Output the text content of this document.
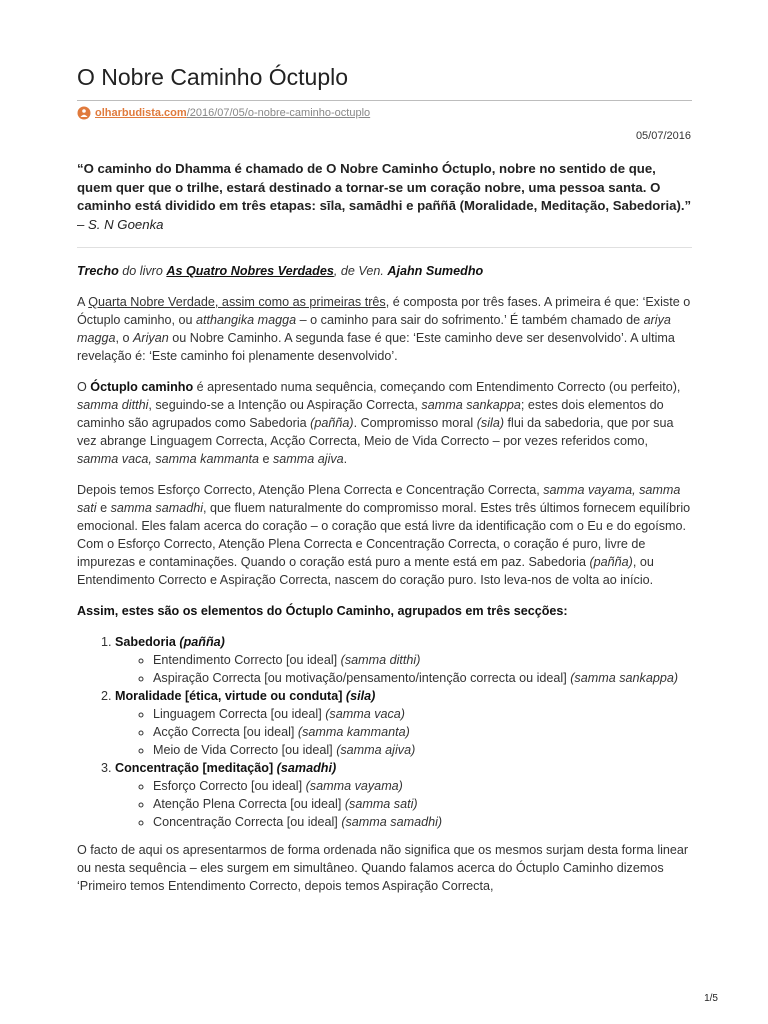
O Nobre Caminho Óctuplo
olharbudista.com /2016/07/05/o-nobre-caminho-octuplo
05/07/2016

“O caminho do Dhamma é chamado de O Nobre Caminho Óctuplo, nobre no sentido de que, quem quer que o trilhe, estará destinado a tornar-se um coração nobre, uma pessoa santa. O caminho está dividido em três etapas: sīla, samādhi e paññā (Moralidade, Meditação, Sabedoria).” – S. N Goenka

Trecho do livro As Quatro Nobres Verdades, de Ven. Ajahn Sumedho

A Quarta Nobre Verdade, assim como as primeiras três, é composta por três fases. A primeira é que: ‘Existe o Óctuplo caminho, ou atthangika magga – o caminho para sair do sofrimento.’ É também chamado de ariya magga, o Ariyan ou Nobre Caminho. A segunda fase é que: ‘Este caminho deve ser desenvolvido’. A ultima revelação é: ‘Este caminho foi plenamente desenvolvido’.

O Óctuplo caminho é apresentado numa sequência, começando com Entendimento Correcto (ou perfeito), samma ditthi, seguindo-se a Intenção ou Aspiração Correcta, samma sankappa; estes dois elementos do caminho são agrupados como Sabedoria (pañña). Compromisso moral (sila) flui da sabedoria, que por sua vez abrange Linguagem Correcta, Acção Correcta, Meio de Vida Correcto – por vezes referidos como, samma vaca, samma kammanta e samma ajiva.

Depois temos Esforço Correcto, Atenção Plena Correcta e Concentração Correcta, samma vayama, samma sati e samma samadhi, que fluem naturalmente do compromisso moral. Estes três últimos fornecem equilíbrio emocional. Eles falam acerca do coração – o coração que está livre da identificação com o Eu e do egoísmo. Com o Esforço Correcto, Atenção Plena Correcta e Concentração Correcta, o coração é puro, livre de impurezas e contaminações. Quando o coração está puro a mente está em paz. Sabedoria (pañña), ou Entendimento Correcto e Aspiração Correcta, nascem do coração puro. Isto leva-nos de volta ao início.

Assim, estes são os elementos do Óctuplo Caminho, agrupados em três secções:

1. Sabedoria (pañña)
◦ Entendimento Correcto [ou ideal] (samma ditthi)
◦ Aspiração Correcta [ou motivação/pensamento/intenção correcta ou ideal] (samma sankappa)
2. Moralidade [ética, virtude ou conduta] (sila)
◦ Linguagem Correcta [ou ideal] (samma vaca)
◦ Acção Correcta [ou ideal] (samma kammanta)
◦ Meio de Vida Correcto [ou ideal] (samma ajiva)
3. Concentração [meditação] (samadhi)
◦ Esforço Correcto [ou ideal] (samma vayama)
◦ Atenção Plena Correcta [ou ideal] (samma sati)
◦ Concentração Correcta [ou ideal] (samma samadhi)

O facto de aqui os apresentarmos de forma ordenada não significa que os mesmos surjam desta forma linear ou nesta sequência – eles surgem em simultâneo. Quando falamos acerca do Óctuplo Caminho dizemos ‘Primeiro temos Entendimento Correcto, depois temos Aspiração Correcta,

1/5
